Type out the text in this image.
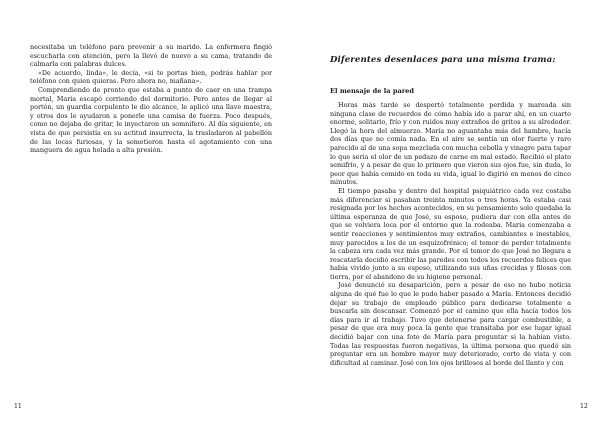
necesitaba un teléfono para prevenir a su marido. La enfermera fingió escucharla con atención, pero la llevó de nuevo a su cama, tratando de calmarla con palabras dulces.

«De acuerdo, linda», le decía, «si te portas bien, podrás hablar por teléfono con quien quieras. Pero ahora no, mañana».

Comprendiendo de pronto que estaba a punto de caer en una trampa mortal, María escapó corriendo del dormitorio. Pero antes de llegar al portón, un guardia corpulento le dio alcance, le aplicó una llave maestra, y otros dos le ayudaron a ponerle una camisa de fuerza. Poco después, como no dejaba de gritar, le inyectaron un somnífero. Al día siguiente, en vista de que persistía en su actitud insurrecta, la trasladaron al pabellón de las locas furiosas, y la sometieron hasta el agotamiento con una manguera de agua helada a alta presión.

11
Diferentes desenlaces para una misma trama:
El mensaje de la pared

Horas más tarde se despertó totalmente perdida y mareada sin ninguna clase de recuerdos de cómo había ido a parar ahí, en un cuarto enorme, solitario, frío y con ruidos muy extraños de gritos a su alrededor. Llegó la hora del almuerzo. María no aguantaba más del hambre, hacía dos días que no comía nada. En el aire se sentía un olor fuerte y raro parecido al de una sopa mezclada con mucha cebolla y vinagre para tapar lo que sería el olor de un pedazo de carne en mal estado. Recibió el plato semifrío, y a pesar de que lo primero que vieron sus ojos fue, sin duda, lo peor que había comido en toda su vida, igual lo digirió en menos de cinco minutos.

El tiempo pasaba y dentro del hospital psiquiátrico cada vez costaba más diferenciar si pasaban treinta minutos o tres horas. Ya estaba casi resignada por los hechos acontecidos, en su pensamiento solo quedaba la última esperanza de que José, su esposo, pudiera dar con ella antes de que se volviera loca por el entorno que la rodeaba. María comenzaba a sentir reacciones y sentimientos muy extraños, cambiantes e inestables, muy parecidos a los de un esquizofrénico; el temor de perder totalmente la cabeza era cada vez más grande. Por el temor de que José no llegara a rescatarla decidió escribir las paredes con todos los recuerdos felices que había vivido junto a su esposo, utilizando sus uñas crecidas y filosas con tierra, por el abandono de su higiene personal.

José denunció su desaparición, pero a pesar de eso no hubo noticia alguna de qué fue lo que le pudo haber pasado a María. Entonces decidió dejar su trabajo de empleado público para dedicarse totalmente a buscarla sin descansar. Comenzó por el camino que ella hacía todos los días para ir al trabajo. Tuvo que detenerse para cargar combustible, a pesar de que era muy poca la gente que transitaba por ese lugar igual decidió bajar con una foto de María para preguntar si la habían visto. Todas las respuestas fueron negativas, la última persona que quedó sin preguntar era un hombre mayor muy deteriorado, corto de vista y con dificultad al caminar. José con los ojos brillosos al borde del llanto y con

12
